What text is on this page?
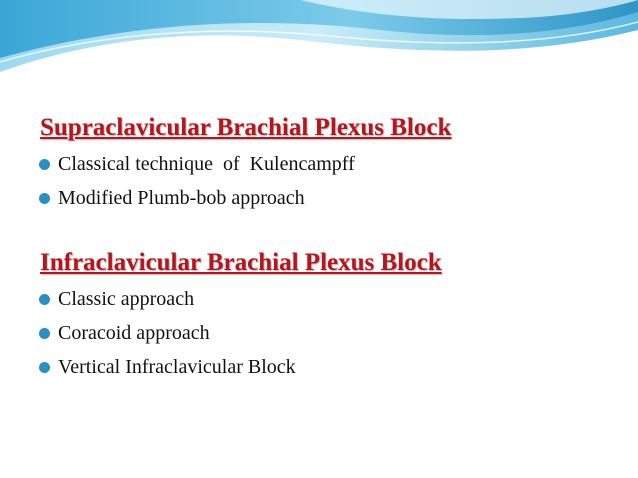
Supraclavicular Brachial Plexus Block
Classical technique  of  Kulencampff
Modified Plumb-bob approach
Infraclavicular Brachial Plexus Block
Classic approach
Coracoid approach
Vertical Infraclavicular Block
